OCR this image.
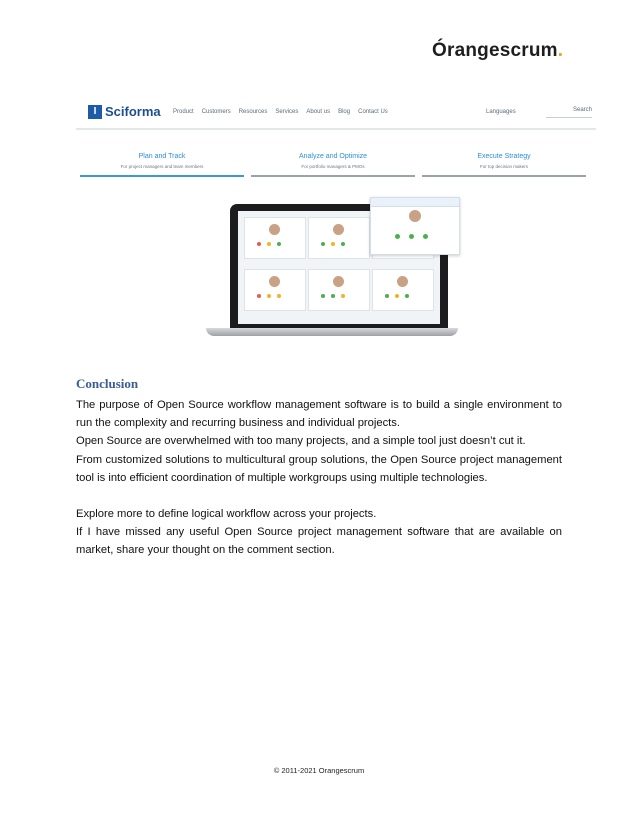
Órangescrum.
I Sciforma Product Customers Resources Services About us Blog Contact Us	Languages	Search
Plan and Track
For project managers and team members
Analyze and Optimize
For portfolio managers & PMOs
Execute Strategy
For top decision makers
Conclusion

The purpose of Open Source workflow management software is to build a single environment to run the complexity and recurring business and individual projects.

Open Source are overwhelmed with too many projects, and a simple tool just doesn’t cut it.

From customized solutions to multicultural group solutions, the Open Source project management tool is into efficient coordination of multiple workgroups using multiple technologies.

Explore more to define logical workflow across your projects.

If I have missed any useful Open Source project management software that are available on market, share your thought on the comment section.

© 2011-2021 Orangescrum
